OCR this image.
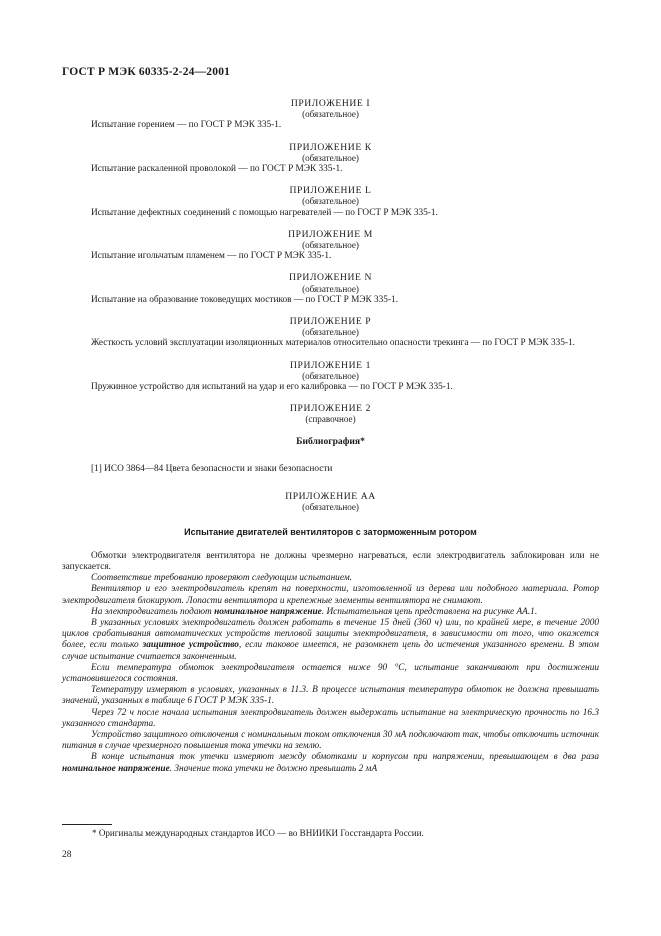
ГОСТ Р МЭК 60335-2-24—2001
ПРИЛОЖЕНИЕ I
(обязательное)
Испытание горением — по ГОСТ Р МЭК 335-1.
ПРИЛОЖЕНИЕ К
(обязательное)
Испытание раскаленной проволокой — по ГОСТ Р МЭК 335-1.
ПРИЛОЖЕНИЕ L
(обязательное)
Испытание дефектных соединений с помощью нагревателей — по ГОСТ Р МЭК 335-1.
ПРИЛОЖЕНИЕ М
(обязательное)
Испытание игольчатым пламенем — по ГОСТ Р МЭК 335-1.
ПРИЛОЖЕНИЕ N
(обязательное)
Испытание на образование токоведущих мостиков — по ГОСТ Р МЭК 335-1.
ПРИЛОЖЕНИЕ Р
(обязательное)
Жесткость условий эксплуатации изоляционных материалов относительно опасности трекинга — по ГОСТ Р МЭК 335-1.
ПРИЛОЖЕНИЕ 1
(обязательное)
Пружинное устройство для испытаний на удар и его калибровка — по ГОСТ Р МЭК 335-1.
ПРИЛОЖЕНИЕ 2
(справочное)
Библиография*
[1] ИСО 3864—84 Цвета безопасности и знаки безопасности
ПРИЛОЖЕНИЕ АА
(обязательное)
Испытание двигателей вентиляторов с заторможенным ротором
Обмотки электродвигателя вентилятора не должны чрезмерно нагреваться, если электродвигатель заблокирован или не запускается.
Соответствие требованию проверяют следующим испытанием.
Вентилятор и его электродвигатель крепят на поверхности, изготовленной из дерева или подобного материала. Ротор электродвигателя блокируют. Лопасти вентилятора и крепежные элементы вентилятора не снимают.
На электродвигатель подают номинальное напряжение. Испытательная цепь представлена на рисунке АА.1.
В указанных условиях электродвигатель должен работать в течение 15 дней (360 ч) или, по крайней мере, в течение 2000 циклов срабатывания автоматических устройств тепловой защиты электродвигателя, в зависимости от того, что окажется более, если только защитное устройство, если таковое имеется, не разомкнет цепь до истечения указанного времени. В этом случае испытание считается законченным.
Если температура обмоток электродвигателя остается ниже 90 °С, испытание заканчивают при достижении установившегося состояния.
Температуру измеряют в условиях, указанных в 11.3. В процессе испытания температура обмоток не должна превышать значений, указанных в таблице 6 ГОСТ Р МЭК 335-1.
Через 72 ч после начала испытания электродвигатель должен выдержать испытание на электрическую прочность по 16.3 указанного стандарта.
Устройство защитного отключения с номинальным током отключения 30 мА подключают так, чтобы отключить источник питания в случае чрезмерного повышения тока утечки на землю.
В конце испытания ток утечки измеряют между обмотками и корпусом при напряжении, превышающем в два раза номинальное напряжение. Значение тока утечки не должно превышать 2 мА
* Оригиналы международных стандартов ИСО — во ВНИИКИ Госстандарта России.
28
